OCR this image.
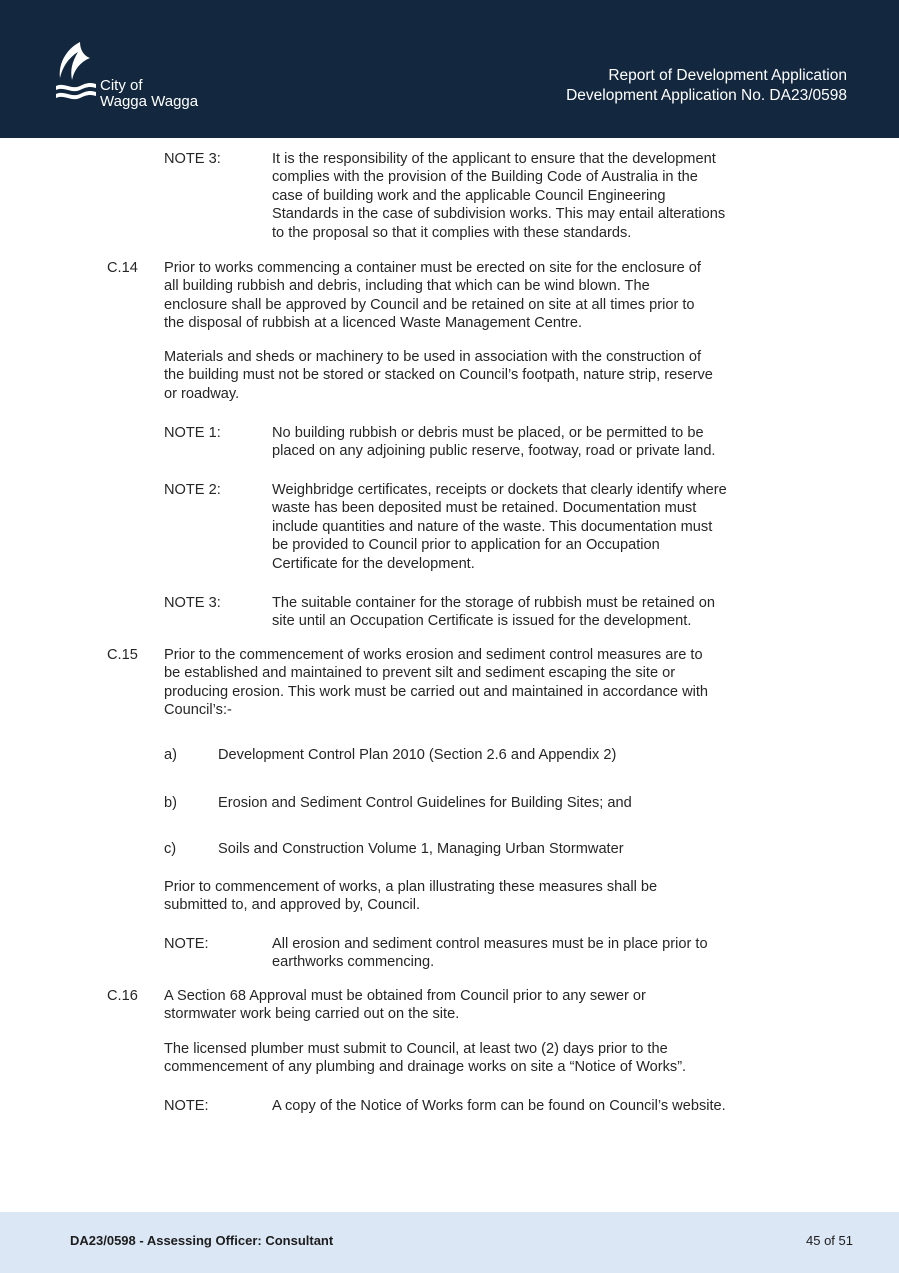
City of
Wagga Wagga
Report of Development Application
Development Application No. DA23/0598
NOTE 3:	It is the responsibility of the applicant to ensure that the development
complies with the provision of the Building Code of Australia in the
case of building work and the applicable Council Engineering
Standards in the case of subdivision works. This may entail alterations
to the proposal so that it complies with these standards.
C.14 Prior to works commencing a container must be erected on site for the enclosure of
all building rubbish and debris, including that which can be wind blown. The
enclosure shall be approved by Council and be retained on site at all times prior to
the disposal of rubbish at a licenced Waste Management Centre.
Materials and sheds or machinery to be used in association with the construction of
the building must not be stored or stacked on Council’s footpath, nature strip, reserve
or roadway.
NOTE 1:	No building rubbish or debris must be placed, or be permitted to be
placed on any adjoining public reserve, footway, road or private land.
NOTE 2:	Weighbridge certificates, receipts or dockets that clearly identify where
waste has been deposited must be retained. Documentation must
include quantities and nature of the waste. This documentation must
be provided to Council prior to application for an Occupation
Certificate for the development.
NOTE 3:	The suitable container for the storage of rubbish must be retained on
site until an Occupation Certificate is issued for the development.
C.15 Prior to the commencement of works erosion and sediment control measures are to
be established and maintained to prevent silt and sediment escaping the site or
producing erosion. This work must be carried out and maintained in accordance with
Council’s:-
a)	Development Control Plan 2010 (Section 2.6 and Appendix 2)
b)	Erosion and Sediment Control Guidelines for Building Sites; and
c)	Soils and Construction Volume 1, Managing Urban Stormwater
Prior to commencement of works, a plan illustrating these measures shall be
submitted to, and approved by, Council.
NOTE:	All erosion and sediment control measures must be in place prior to
earthworks commencing.
C.16 A Section 68 Approval must be obtained from Council prior to any sewer or
stormwater work being carried out on the site.
The licensed plumber must submit to Council, at least two (2) days prior to the
commencement of any plumbing and drainage works on site a “Notice of Works”.
NOTE:	A copy of the Notice of Works form can be found on Council’s website.
DA23/0598 - Assessing Officer: Consultant	45 of 51
